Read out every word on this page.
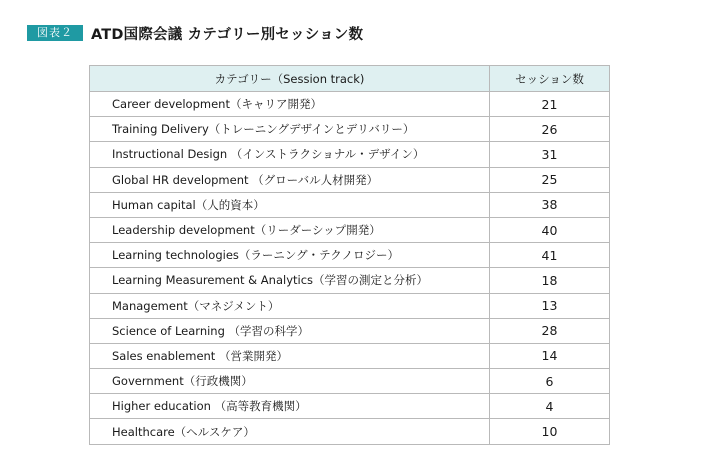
図表２	ATD国際会議 カテゴリー別セッション数
カテゴリー（Session track)	セッション数
Career development（キャリア開発）	21
Training Delivery（トレーニングデザインとデリバリー）	26
Instructional Design （インストラクショナル・デザイン）	31
Global HR development （グローバル人材開発）	25
Human capital（人的資本）	38
Leadership development（リーダーシップ開発）	40
Learning technologies（ラーニング・テクノロジー）	41
Learning Measurement & Analytics（学習の測定と分析）	18
Management（マネジメント）	13
Science of Learning （学習の科学）	28
Sales enablement （営業開発）	14
Government（行政機関）	6
Higher education （高等教育機関）	4
Healthcare（ヘルスケア）	10
